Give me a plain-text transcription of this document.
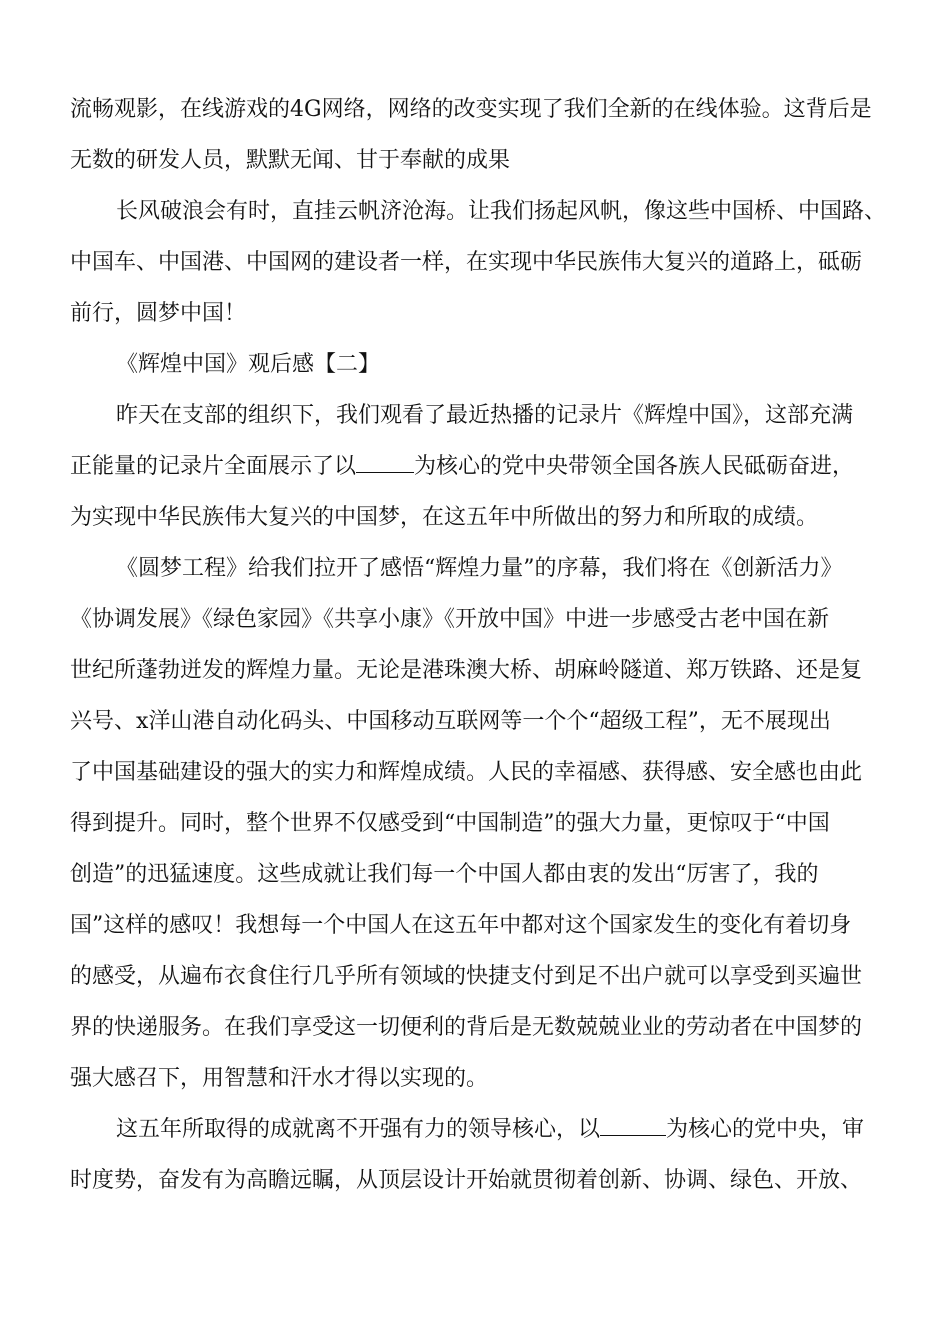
流畅观影，在线游戏的4G网络，网络的改变实现了我们全新的在线体验。这背后是
无数的研发人员，默默无闻、甘于奉献的成果
长风破浪会有时，直挂云帆济沧海。让我们扬起风帆，像这些中国桥、中国路、
中国车、中国港、中国网的建设者一样，在实现中华民族伟大复兴的道路上，砥砺
前行，圆梦中国！
《辉煌中国》观后感【二】
昨天在支部的组织下，我们观看了最近热播的记录片《辉煌中国》，这部充满
正能量的记录片全面展示了以	为核心的党中央带领全国各族人民砥砺奋进，
为实现中华民族伟大复兴的中国梦，在这五年中所做出的努力和所取的成绩。
《圆梦工程》给我们拉开了感悟“辉煌力量”的序幕，我们将在《创新活力》
《协调发展》《绿色家园》《共享小康》《开放中国》中进一步感受古老中国在新
世纪所蓬勃迸发的辉煌力量。无论是港珠澳大桥、胡麻岭隧道、郑万铁路、还是复
兴号、x洋山港自动化码头、中国移动互联网等一个个“超级工程”，无不展现出
了中国基础建设的强大的实力和辉煌成绩。人民的幸福感、获得感、安全感也由此
得到提升。同时，整个世界不仅感受到“中国制造”的强大力量，更惊叹于“中国
创造”的迅猛速度。这些成就让我们每一个中国人都由衷的发出“厉害了，我的
国”这样的感叹！我想每一个中国人在这五年中都对这个国家发生的变化有着切身
的感受，从遍布衣食住行几乎所有领域的快捷支付到足不出户就可以享受到买遍世
界的快递服务。在我们享受这一切便利的背后是无数兢兢业业的劳动者在中国梦的
强大感召下，用智慧和汗水才得以实现的。
这五年所取得的成就离不开强有力的领导核心，以	为核心的党中央，审
时度势，奋发有为高瞻远瞩，从顶层设计开始就贯彻着创新、协调、绿色、开放、
